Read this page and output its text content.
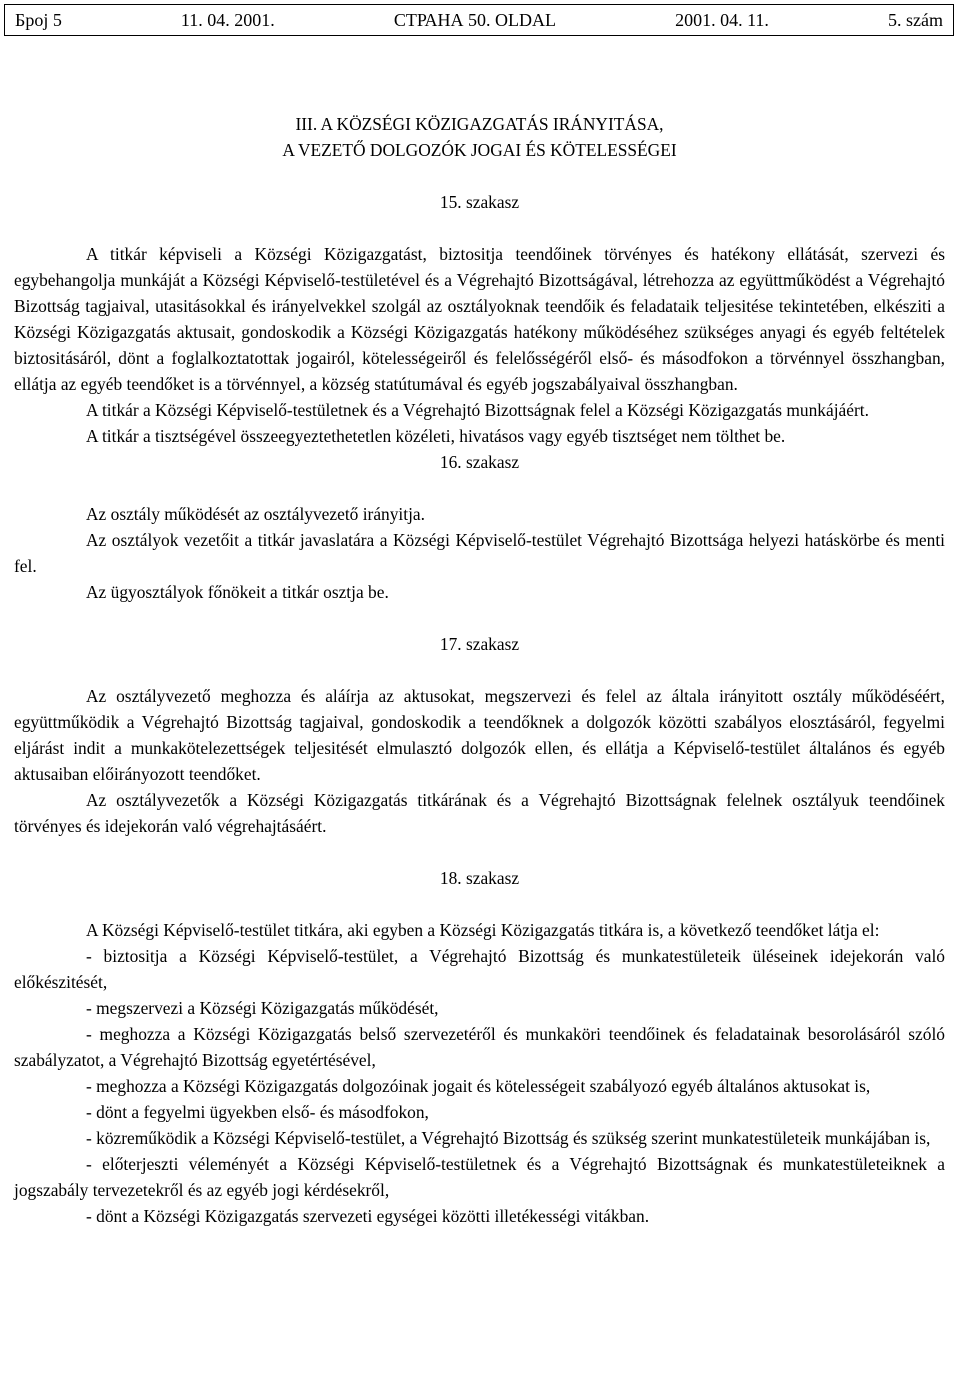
Број 5	11. 04. 2001.	СТРАНА 50. OLDAL	2001. 04. 11.	5. szám
III. A KÖZSÉGI KÖZIGAZGATÁS IRÁNYITÁSA,
A VEZETŐ DOLGOZÓK JOGAI ÉS KÖTELESSÉGEI
15. szakasz

A titkár képviseli a Községi Közigazgatást, biztositja teendőinek törvényes és hatékony ellátását, szervezi és egybehangolja munkáját a Községi Képviselő-testületével és a Végrehajtó Bizottságával, létrehozza az együttműködést a Végrehajtó Bizottság tagjaival, utasitásokkal és irányelvekkel szolgál az osztályoknak teendőik és feladataik teljesitése tekintetében, elkésziti a Községi Közigazgatás aktusait, gondoskodik a Községi Közigazgatás hatékony működéséhez szükséges anyagi és egyéb feltételek biztositásáról, dönt a foglalkoztatottak jogairól, kötelességeiről és felelősségéről első- és másodfokon a törvénnyel összhangban, ellátja az egyéb teendőket is a törvénnyel, a község statútumával és egyéb jogszabályaival összhangban.

A titkár a Községi Képviselő-testületnek és a Végrehajtó Bizottságnak felel a Községi Közigazgatás munkájáért.

A titkár a tisztségével összeegyeztethetetlen közéleti, hivatásos vagy egyéb tisztséget nem tölthet be.

16. szakasz

Az osztály működését az osztályvezető irányitja.

Az osztályok vezetőit a titkár javaslatára a Községi Képviselő-testület Végrehajtó Bizottsága helyezi hatáskörbe és menti fel.

Az ügyosztályok főnökeit a titkár osztja be.

17. szakasz

Az osztályvezető meghozza és aláírja az aktusokat, megszervezi és felel az általa irányitott osztály működéséért, együttműködik a Végrehajtó Bizottság tagjaival, gondoskodik a teendőknek a dolgozók közötti szabályos elosztásáról, fegyelmi eljárást indit a munkakötelezettségek teljesitését elmulasztó dolgozók ellen, és ellátja a Képviselő-testület általános és egyéb aktusaiban előirányozott teendőket.

Az osztályvezetők a Községi Közigazgatás titkárának és a Végrehajtó Bizottságnak felelnek osztályuk teendőinek törvényes és idejekorán való végrehajtásáért.

18. szakasz

A Községi Képviselő-testület titkára, aki egyben a Községi Közigazgatás titkára is, a következő teendőket látja el:

- biztositja a Községi Képviselő-testület, a Végrehajtó Bizottság és munkatestületeik üléseinek idejekorán való előkészitését,

- megszervezi a Községi Közigazgatás működését,

- meghozza a Községi Közigazgatás belső szervezetéről és munkaköri teendőinek és feladatainak besorolásáról szóló szabályzatot, a Végrehajtó Bizottság egyetértésével,

- meghozza a Községi Közigazgatás dolgozóinak jogait és kötelességeit szabályozó egyéb általános aktusokat is,

- dönt a fegyelmi ügyekben első- és másodfokon,

- közreműködik a Községi Képviselő-testület, a Végrehajtó Bizottság és szükség szerint munkatestületeik munkájában is,

- előterjeszti véleményét a Községi Képviselő-testületnek és a Végrehajtó Bizottságnak és munkatestületeiknek a jogszabály tervezetekről és az egyéb jogi kérdésekről,

- dönt a Községi Közigazgatás szervezeti egységei közötti illetékességi vitákban.
